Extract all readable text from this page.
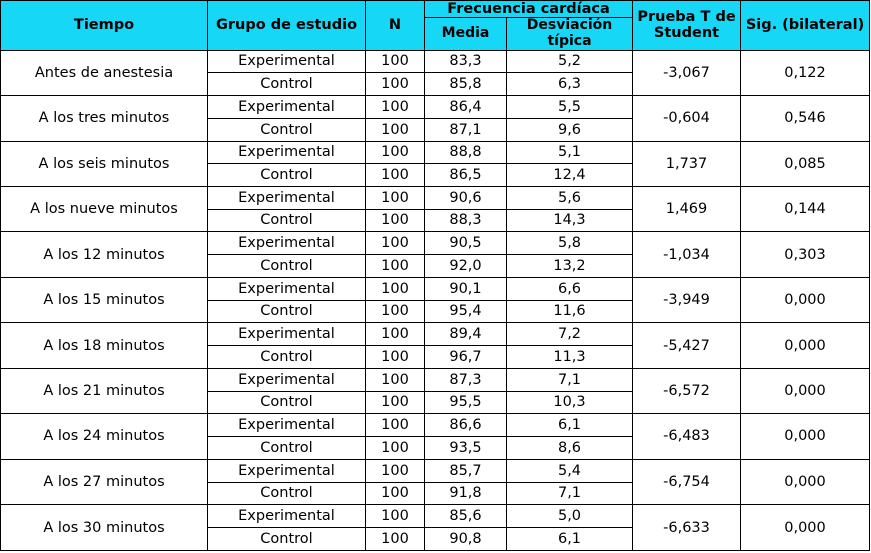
Tiempo	Grupo de estudio	N	Frecuencia cardíaca		Prueba T de Student	Sig. (bilateral)
			Media	Desviación típica		
Antes de anestesia	Experimental	100	83,3	5,2	-3,067	0,122
	Control	100	85,8	6,3		
A los tres minutos	Experimental	100	86,4	5,5	-0,604	0,546
	Control	100	87,1	9,6		
A los seis minutos	Experimental	100	88,8	5,1	1,737	0,085
	Control	100	86,5	12,4		
A los nueve minutos	Experimental	100	90,6	5,6	1,469	0,144
	Control	100	88,3	14,3		
A los 12 minutos	Experimental	100	90,5	5,8	-1,034	0,303
	Control	100	92,0	13,2		
A los 15 minutos	Experimental	100	90,1	6,6	-3,949	0,000
	Control	100	95,4	11,6		
A los 18 minutos	Experimental	100	89,4	7,2	-5,427	0,000
	Control	100	96,7	11,3		
A los 21 minutos	Experimental	100	87,3	7,1	-6,572	0,000
	Control	100	95,5	10,3		
A los 24 minutos	Experimental	100	86,6	6,1	-6,483	0,000
	Control	100	93,5	8,6		
A los 27 minutos	Experimental	100	85,7	5,4	-6,754	0,000
	Control	100	91,8	7,1		
A los 30 minutos	Experimental	100	85,6	5,0	-6,633	0,000
	Control	100	90,8	6,1		
